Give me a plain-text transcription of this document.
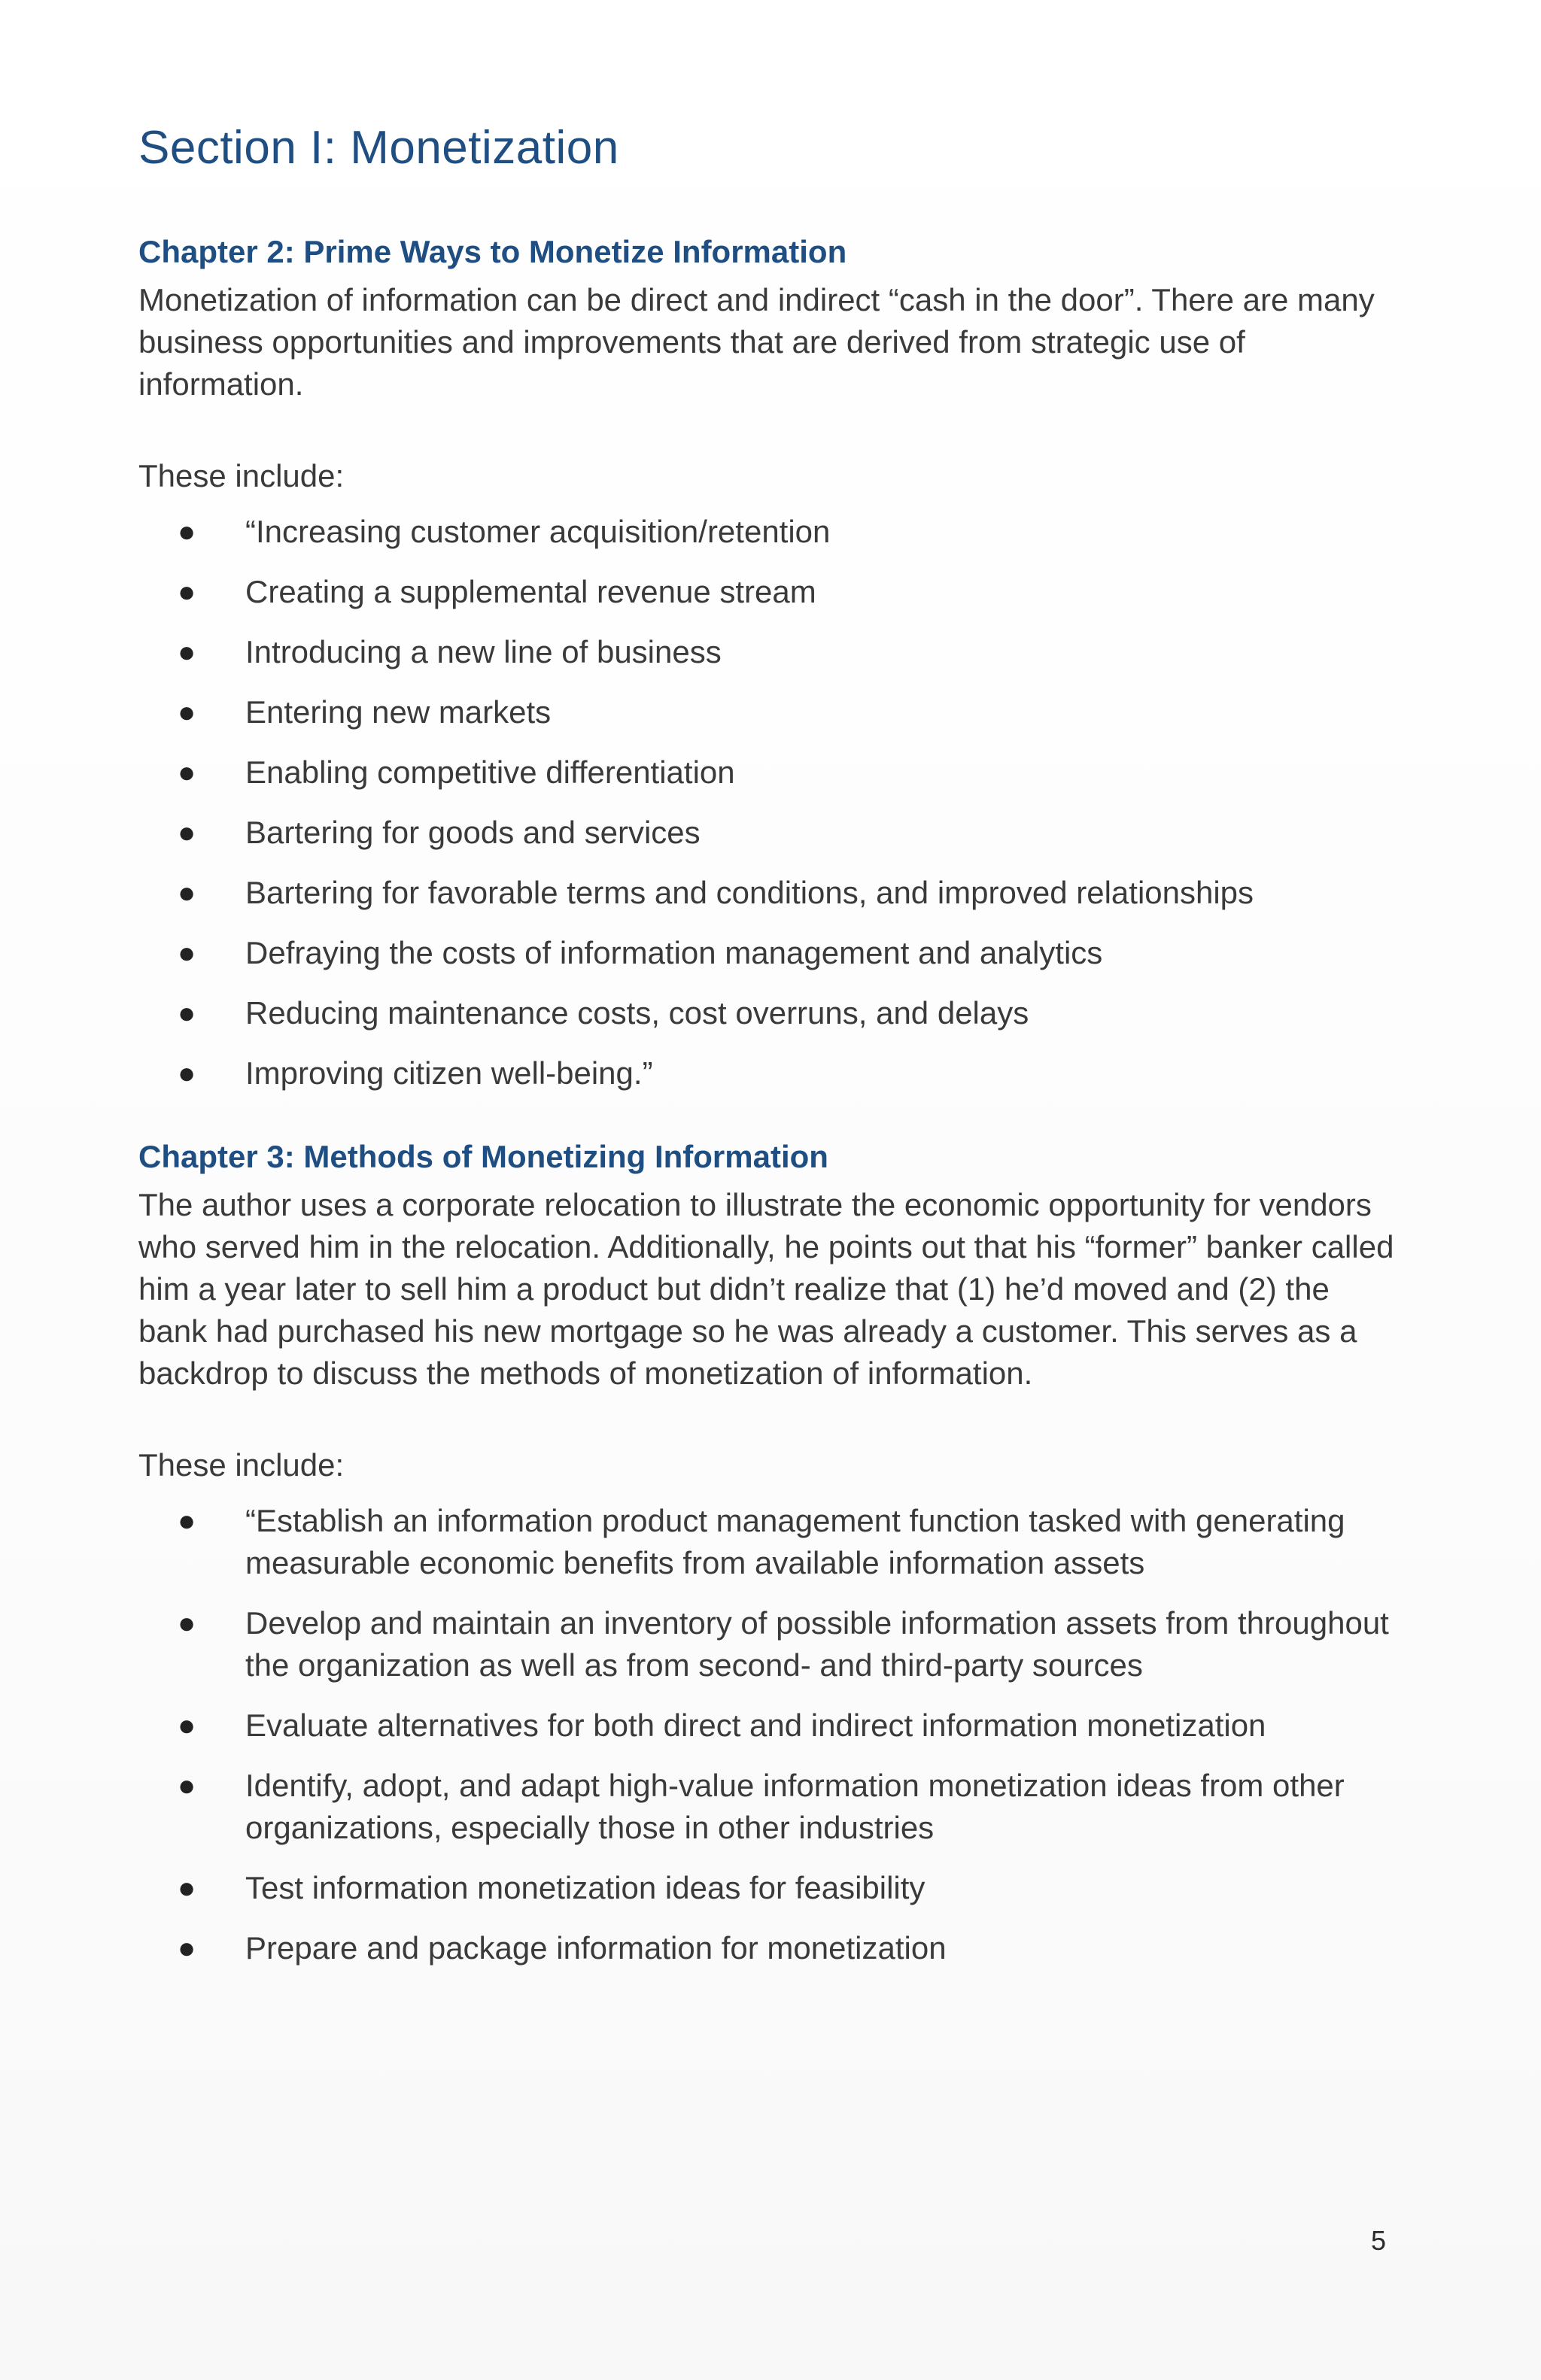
Section I: Monetization
Chapter 2: Prime Ways to Monetize Information

Monetization of information can be direct and indirect “cash in the door”. There are many business opportunities and improvements that are derived from strategic use of information.

These include:

● “Increasing customer acquisition/retention
● Creating a supplemental revenue stream
● Introducing a new line of business
● Entering new markets
● Enabling competitive differentiation
● Bartering for goods and services
● Bartering for favorable terms and conditions, and improved relationships
● Defraying the costs of information management and analytics
● Reducing maintenance costs, cost overruns, and delays
● Improving citizen well-being.”
Chapter 3: Methods of Monetizing Information

The author uses a corporate relocation to illustrate the economic opportunity for vendors who served him in the relocation. Additionally, he points out that his “former” banker called him a year later to sell him a product but didn’t realize that (1) he’d moved and (2) the bank had purchased his new mortgage so he was already a customer. This serves as a backdrop to discuss the methods of monetization of information.

These include:

● “Establish an information product management function tasked with generating measurable economic benefits from available information assets
● Develop and maintain an inventory of possible information assets from throughout the organization as well as from second- and third-party sources
● Evaluate alternatives for both direct and indirect information monetization
● Identify, adopt, and adapt high-value information monetization ideas from other organizations, especially those in other industries
● Test information monetization ideas for feasibility
● Prepare and package information for monetization
5
